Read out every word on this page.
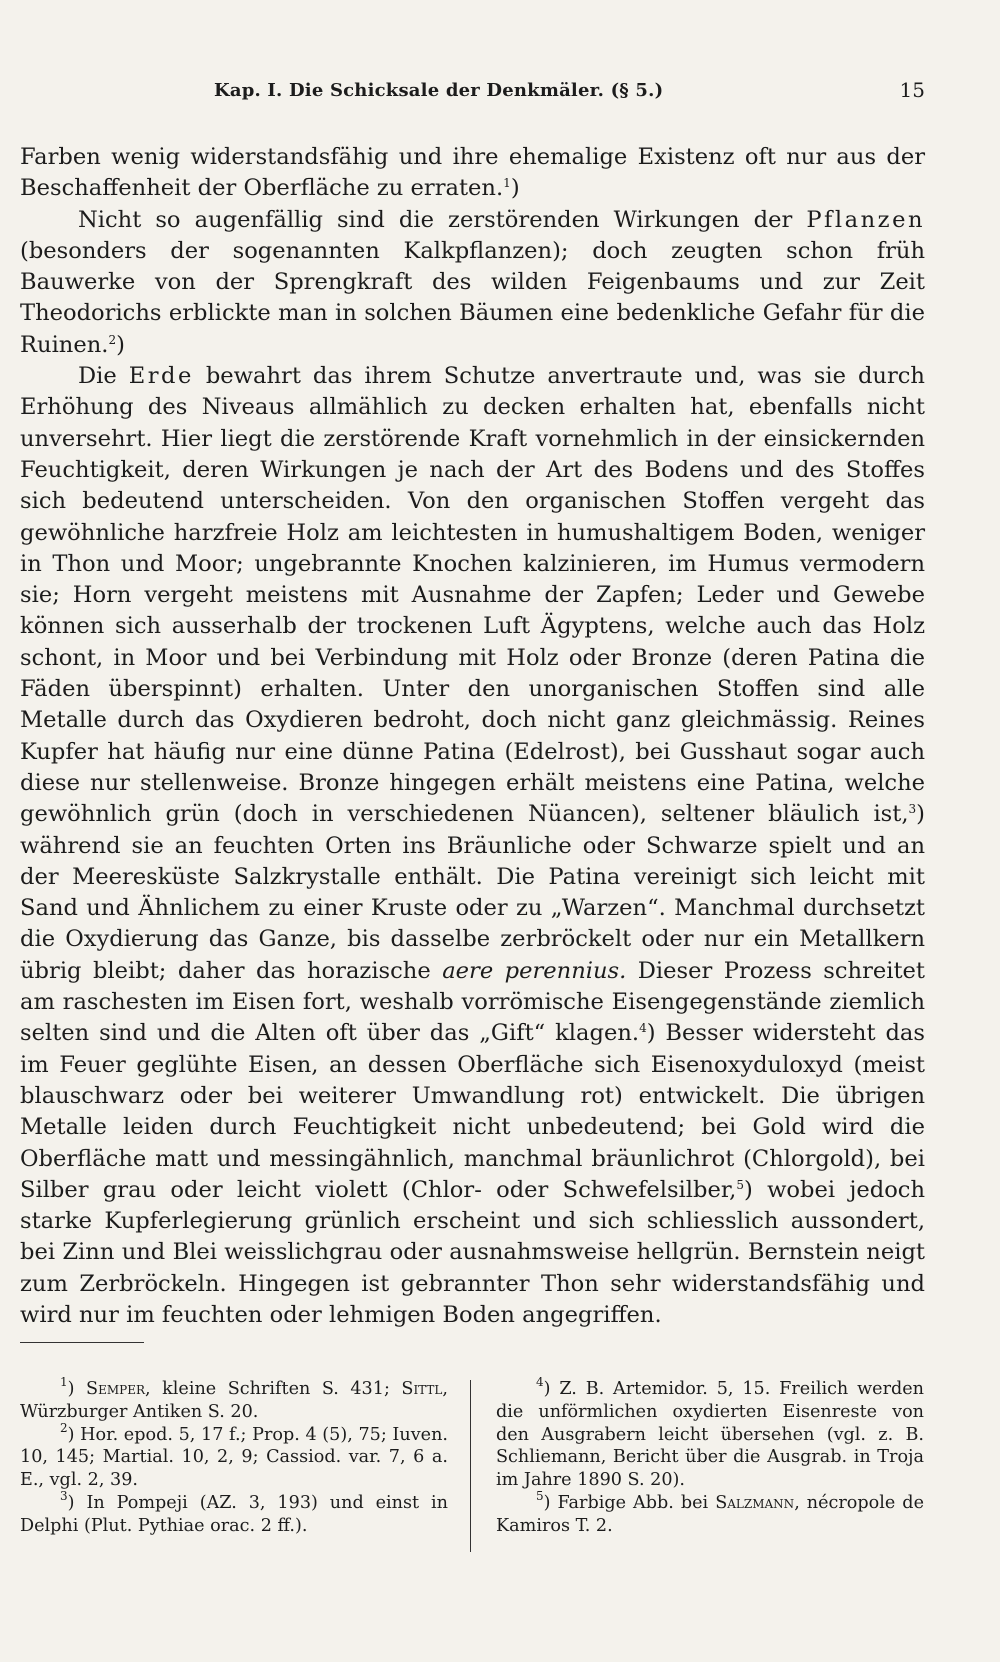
Kap. I. Die Schicksale der Denkmäler. (§ 5.)	15

Farben wenig widerstandsfähig und ihre ehemalige Existenz oft nur aus der Beschaffenheit der Oberfläche zu erraten.$^1$)

Nicht so augenfällig sind die zerstörenden Wirkungen der Pflanzen (besonders der sogenannten Kalkpflanzen); doch zeugten schon früh Bauwerke von der Sprengkraft des wilden Feigenbaums und zur Zeit Theodorichs erblickte man in solchen Bäumen eine bedenkliche Gefahr für die Ruinen.$^2$)

Die Erde bewahrt das ihrem Schutze anvertraute und, was sie durch Erhöhung des Niveaus allmählich zu decken erhalten hat, ebenfalls nicht unversehrt. Hier liegt die zerstörende Kraft vornehmlich in der einsickernden Feuchtigkeit, deren Wirkungen je nach der Art des Bodens und des Stoffes sich bedeutend unterscheiden. Von den organischen Stoffen vergeht das gewöhnliche harzfreie Holz am leichtesten in humushaltigem Boden, weniger in Thon und Moor; ungebrannte Knochen kalzinieren, im Humus vermodern sie; Horn vergeht meistens mit Ausnahme der Zapfen; Leder und Gewebe können sich ausserhalb der trockenen Luft Ägyptens, welche auch das Holz schont, in Moor und bei Verbindung mit Holz oder Bronze (deren Patina die Fäden überspinnt) erhalten. Unter den unorganischen Stoffen sind alle Metalle durch das Oxydieren bedroht, doch nicht ganz gleichmässig. Reines Kupfer hat häufig nur eine dünne Patina (Edelrost), bei Gusshaut sogar auch diese nur stellenweise. Bronze hingegen erhält meistens eine Patina, welche gewöhnlich grün (doch in verschiedenen Nüancen), seltener bläulich ist,$^3$) während sie an feuchten Orten ins Bräunliche oder Schwarze spielt und an der Meeresküste Salzkrystalle enthält. Die Patina vereinigt sich leicht mit Sand und Ähnlichem zu einer Kruste oder zu „Warzen“. Manchmal durchsetzt die Oxydierung das Ganze, bis dasselbe zerbröckelt oder nur ein Metallkern übrig bleibt; daher das horazische aere perennius. Dieser Prozess schreitet am raschesten im Eisen fort, weshalb vorrömische Eisengegenstände ziemlich selten sind und die Alten oft über das „Gift“ klagen.$^4$) Besser widersteht das im Feuer geglühte Eisen, an dessen Oberfläche sich Eisenoxyduloxyd (meist blauschwarz oder bei weiterer Umwandlung rot) entwickelt. Die übrigen Metalle leiden durch Feuchtigkeit nicht unbedeutend; bei Gold wird die Oberfläche matt und messingähnlich, manchmal bräunlichrot (Chlorgold), bei Silber grau oder leicht violett (Chlor- oder Schwefelsilber,$^5$) wobei jedoch starke Kupferlegierung grünlich erscheint und sich schliesslich aussondert, bei Zinn und Blei weisslichgrau oder ausnahmsweise hellgrün. Bernstein neigt zum Zerbröckeln. Hingegen ist gebrannter Thon sehr widerstandsfähig und wird nur im feuchten oder lehmigen Boden angegriffen.

$^1$) Semper, kleine Schriften S. 431; Sittl, Würzburger Antiken S. 20.

$^2$) Hor. epod. 5, 17 f.; Prop. 4 (5), 75; Iuven. 10, 145; Martial. 10, 2, 9; Cassiod. var. 7, 6 a. E., vgl. 2, 39.

$^3$) In Pompeji (AZ. 3, 193) und einst in Delphi (Plut. Pythiae orac. 2 ff.).

$^4$) Z. B. Artemidor. 5, 15. Freilich werden die unförmlichen oxydierten Eisenreste von den Ausgrabern leicht übersehen (vgl. z. B. Schliemann, Bericht über die Ausgrab. in Troja im Jahre 1890 S. 20).

$^5$) Farbige Abb. bei Salzmann, nécropole de Kamiros T. 2.
